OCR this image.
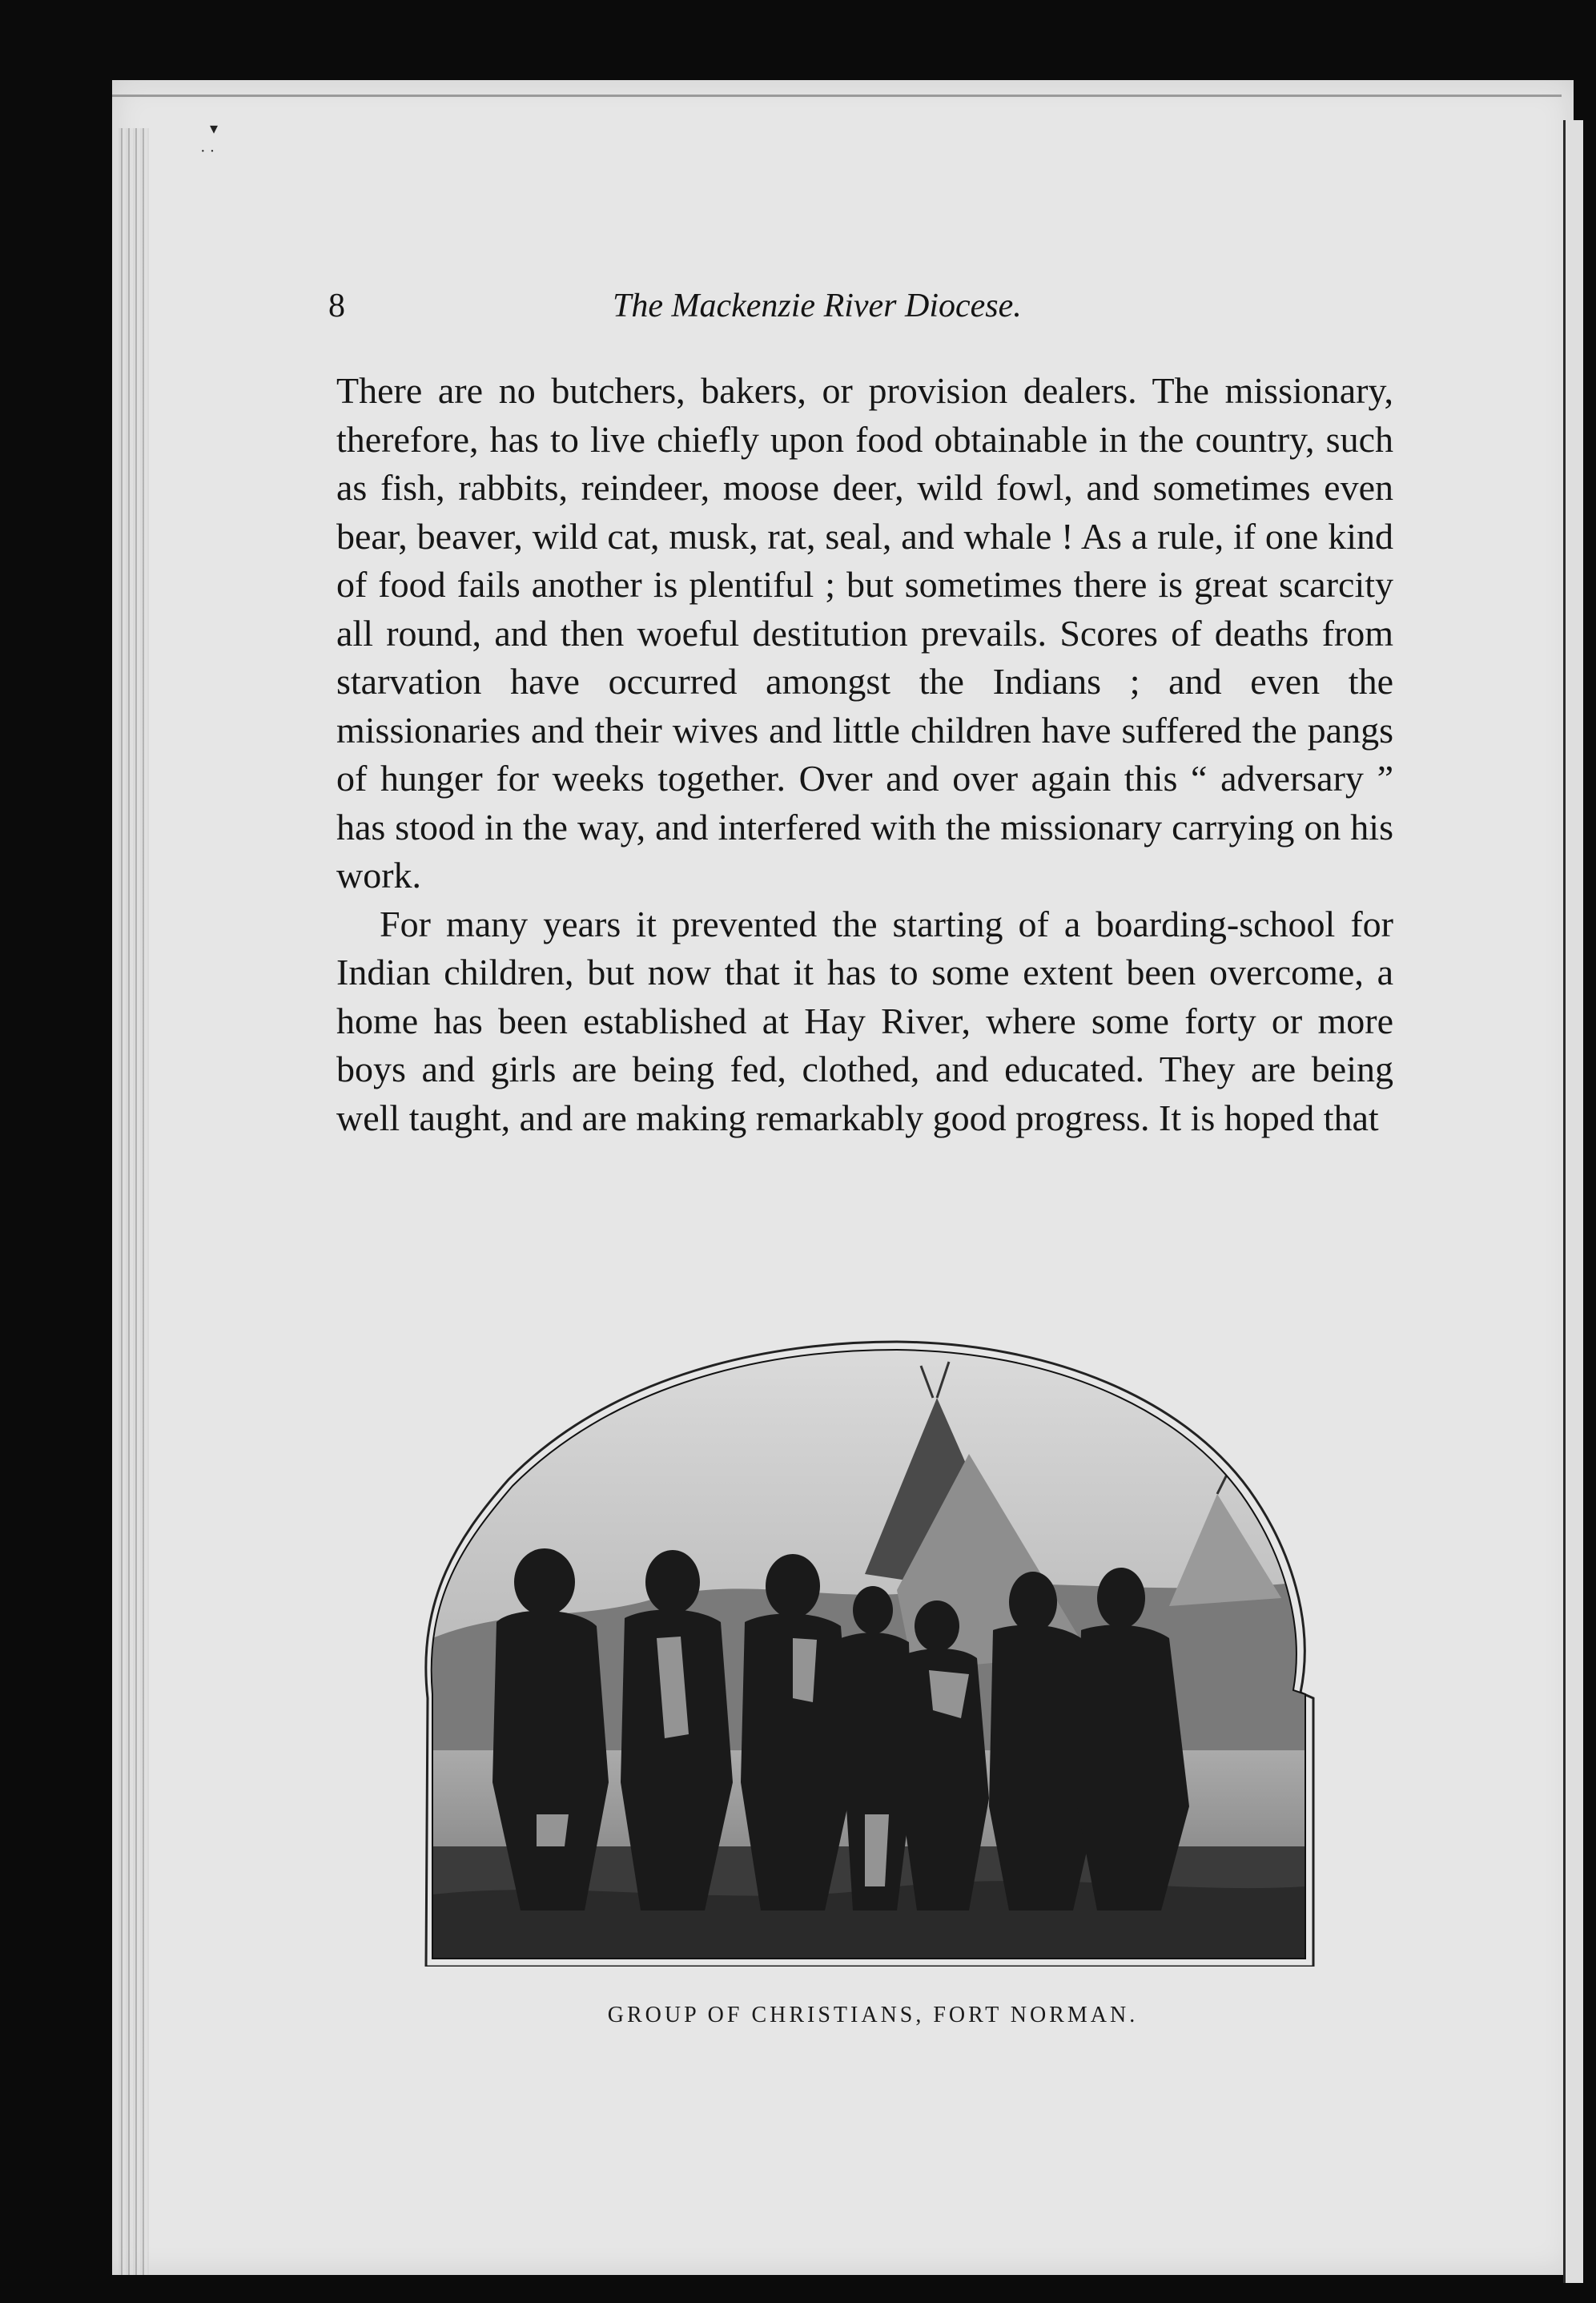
▾
· ·
8	The Mackenzie River Diocese.

There are no butchers, bakers, or provision dealers. The missionary, therefore, has to live chiefly upon food obtainable in the country, such as fish, rabbits, reindeer, moose deer, wild fowl, and sometimes even bear, beaver, wild cat, musk, rat, seal, and whale ! As a rule, if one kind of food fails another is plentiful ; but sometimes there is great scarcity all round, and then woeful destitution prevails. Scores of deaths from starvation have occurred amongst the Indians ; and even the missionaries and their wives and little children have suffered the pangs of hunger for weeks together. Over and over again this “ adversary ” has stood in the way, and interfered with the missionary carrying on his work.

For many years it prevented the starting of a boarding-school for Indian children, but now that it has to some extent been overcome, a home has been established at Hay River, where some forty or more boys and girls are being fed, clothed, and educated. They are being well taught, and are making remarkably good progress. It is hoped that

GROUP OF CHRISTIANS, FORT NORMAN.
